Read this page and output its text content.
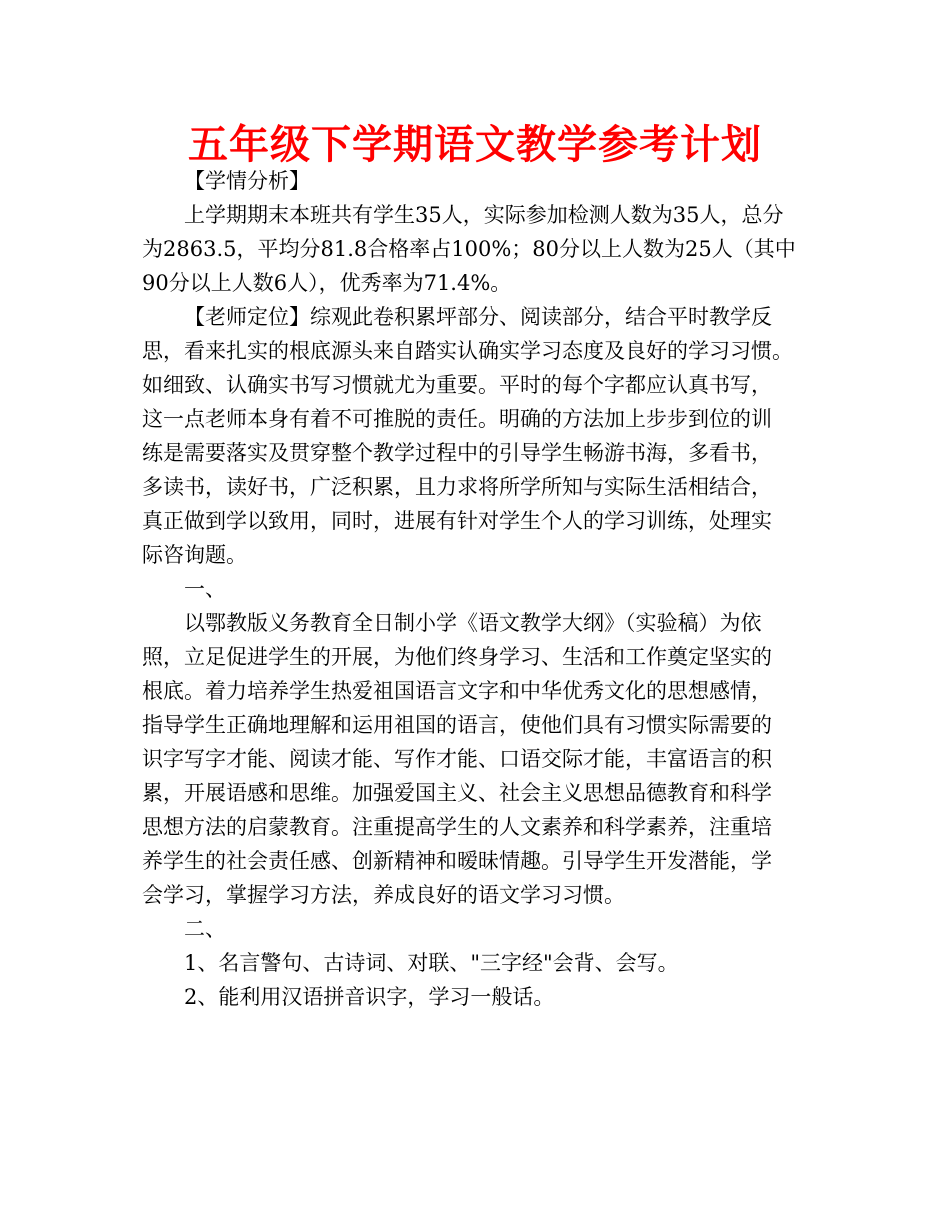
五年级下学期语文教学参考计划
【学情分析】
上学期期末本班共有学生35人，实际参加检测人数为35人，总分
为2863.5，平均分81.8合格率占100%；80分以上人数为25人（其中
90分以上人数6人），优秀率为71.4%。
【老师定位】综观此卷积累坪部分、阅读部分，结合平时教学反
思，看来扎实的根底源头来自踏实认确实学习态度及良好的学习习惯。
如细致、认确实书写习惯就尤为重要。平时的每个字都应认真书写，
这一点老师本身有着不可推脱的责任。明确的方法加上步步到位的训
练是需要落实及贯穿整个教学过程中的引导学生畅游书海，多看书，
多读书，读好书，广泛积累，且力求将所学所知与实际生活相结合，
真正做到学以致用，同时，进展有针对学生个人的学习训练，处理实
际咨询题。
一、
以鄂教版义务教育全日制小学《语文教学大纲》（实验稿）为依
照，立足促进学生的开展，为他们终身学习、生活和工作奠定坚实的
根底。着力培养学生热爱祖国语言文字和中华优秀文化的思想感情，
指导学生正确地理解和运用祖国的语言，使他们具有习惯实际需要的
识字写字才能、阅读才能、写作才能、口语交际才能，丰富语言的积
累，开展语感和思维。加强爱国主义、社会主义思想品德教育和科学
思想方法的启蒙教育。注重提高学生的人文素养和科学素养，注重培
养学生的社会责任感、创新精神和暧昧情趣。引导学生开发潜能，学
会学习，掌握学习方法，养成良好的语文学习习惯。
二、
1、名言警句、古诗词、对联、"三字经"会背、会写。
2、能利用汉语拼音识字，学习一般话。
